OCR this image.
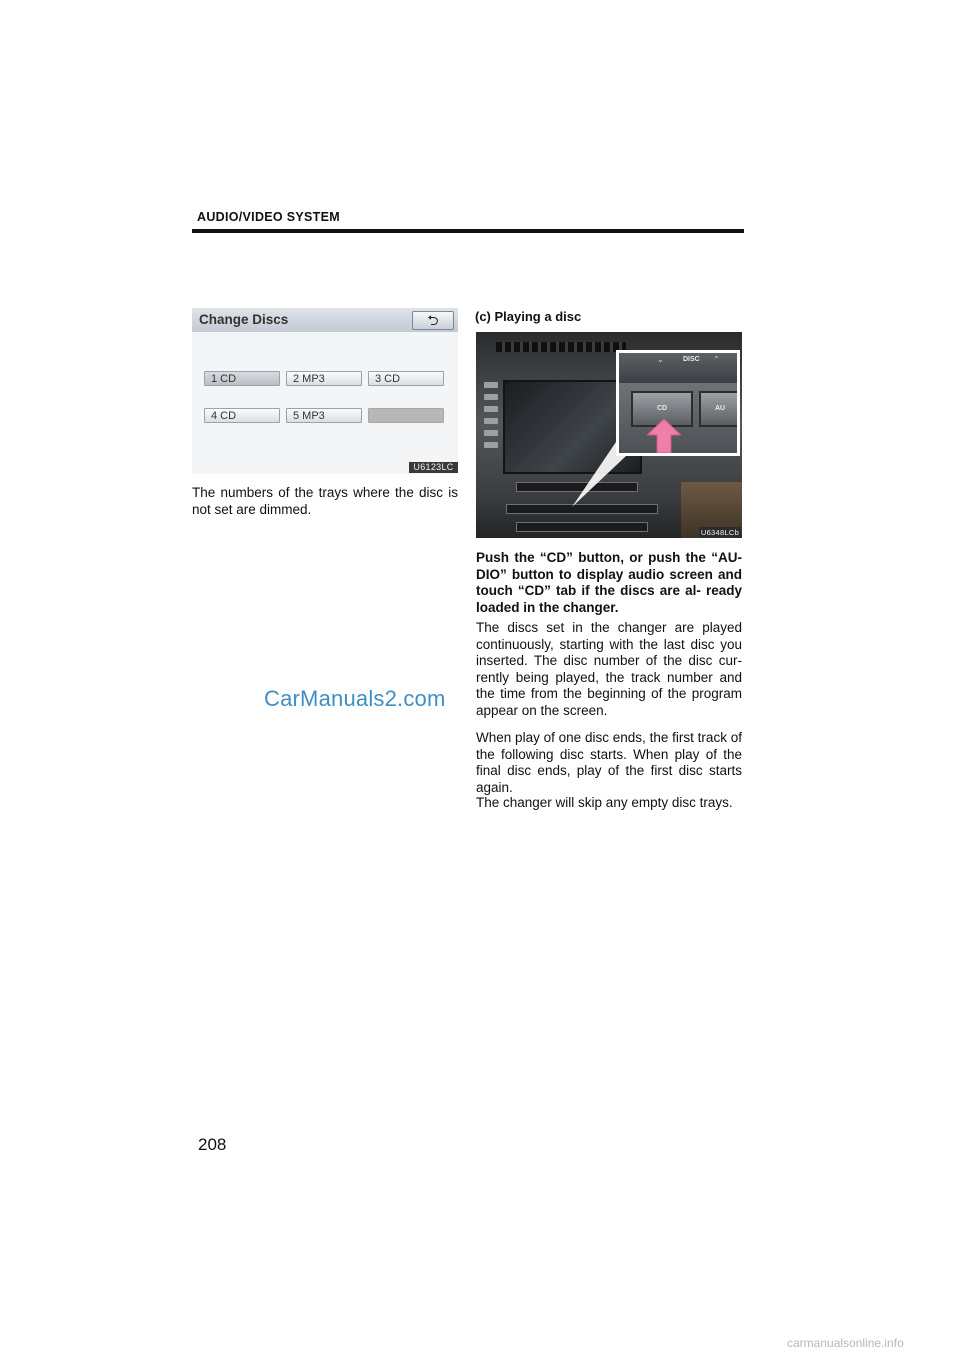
AUDIO/VIDEO SYSTEM
Change Discs	⮌
1 CD	2 MP3	3 CD
4 CD	5 MP3
U6123LC
The numbers of the trays where the disc is not set are dimmed.
(c) Playing a disc
DISC
⌄	⌃
CD	AU
U6348LCb
Push the “CD” button, or push the “AU- DIO” button to display audio screen and touch “CD” tab if the discs are al- ready loaded in the changer.
The discs set in the changer are played continuously, starting with the last disc you inserted. The disc number of the disc cur- rently being played, the track number and the time from the beginning of the program appear on the screen.
When play of one disc ends, the first track of the following disc starts. When play of the final disc ends, play of the first disc starts again.
The changer will skip any empty disc trays.
CarManuals2.com
208
carmanualsonline.info
